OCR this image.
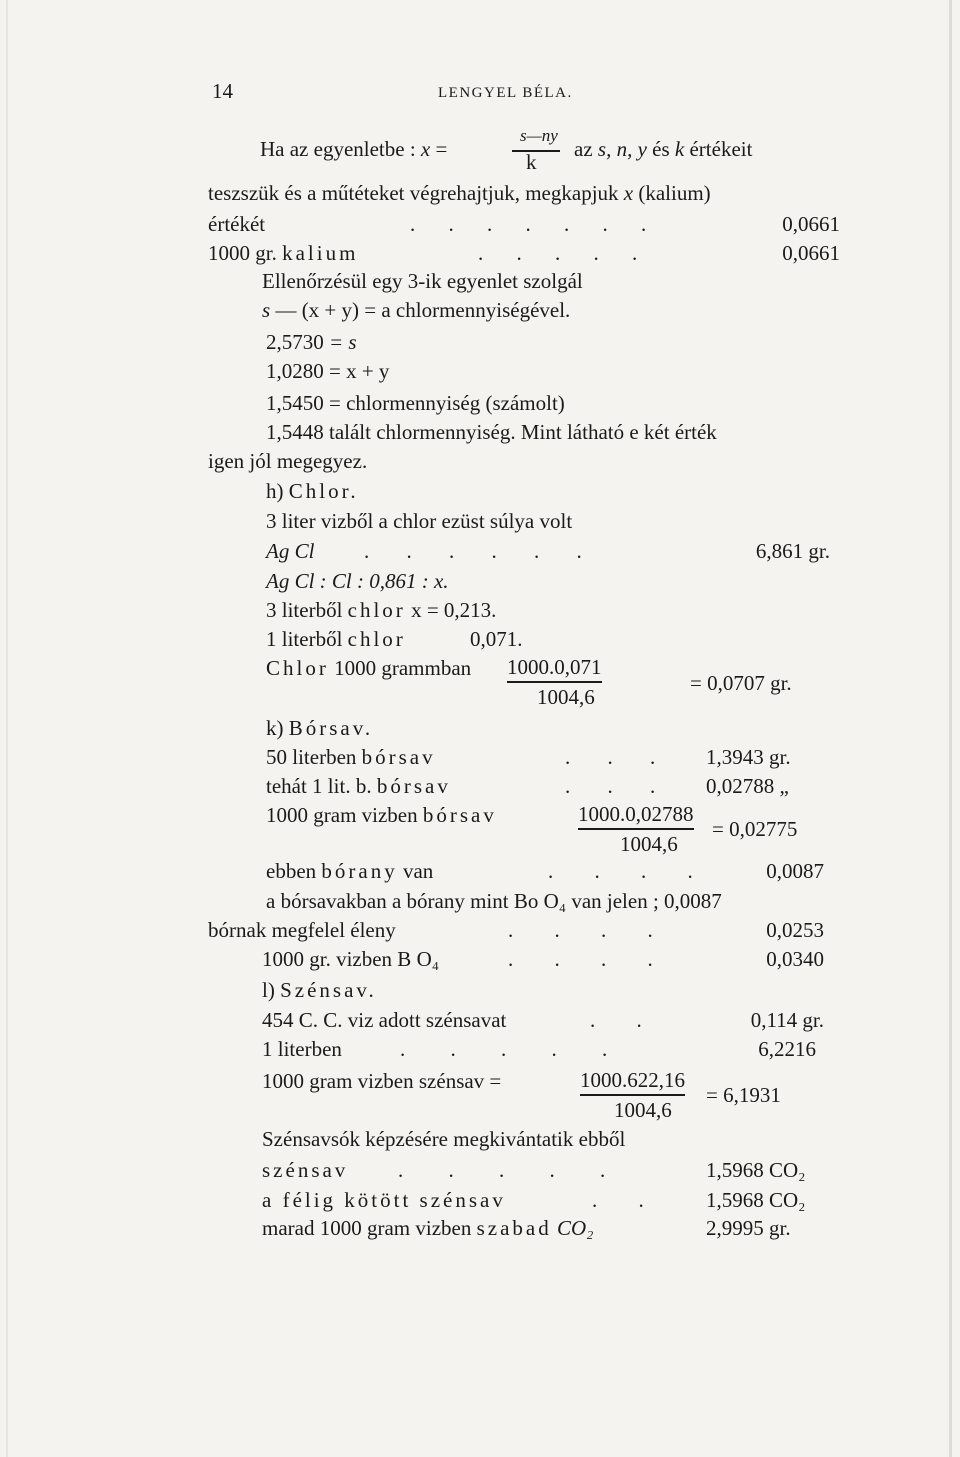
14	LENGYEL BÉLA.
Ha az egyenletbe : x =
s—ny
k
az s, n, y és k értékeit
teszszük és a műtéteket végrehajtjuk, megkapjuk x (kalium)
értékét	. . . . . . .	0,0661
1000 gr. kalium	. . . . .	0,0661
Ellenőrzésül egy 3-ik egyenlet szolgál
s — (x + y) = a chlormennyiségével.
2,5730 = s
1,0280 = x + y
1,5450 = chlormennyiség (számolt)
1,5448 talált chlormennyiség. Mint látható e két érték
igen jól megegyez.
h) Chlor.
3 liter vizből a chlor ezüst súlya volt
Ag Cl . . . . . .	6,861 gr.
Ag Cl : Cl : 0,861 : x.
3 literből chlor x = 0,213.
1 literből chlor	0,071.
Chlor 1000 grammban 1000.0,071
1004,6
= 0,0707 gr.
k) Bórsav.
50 literben bórsav	. . . 1,3943 gr.
tehát 1 lit. b. bórsav	. . . 0,02788 „
1000 gram vizben bórsav	1000.0,02788
1004,6
= 0,02775
ebben bórany van	. . . .	0,0087
a bórsavakban a bórany mint Bo O₄ van jelen ; 0,0087
bórnak megfelel éleny	. . . .	0,0253
1000 gr. vizben B O₄	. . . .	0,0340
l) Szénsav.
454 C. C. viz adott szénsavat	. .	0,114 gr.
1 literben	. . . . .	6,2216
1000 gram vizben szénsav =	1000.622,16
1004,6
= 6,1931
Szénsavsók képzésére megkivántatik ebből
szénsav . . . . .	1,5968 CO₂
a félig kötött szénsav	. . 1,5968 CO₂
marad 1000 gram vizben szabad CO₂	2,9995 gr.
